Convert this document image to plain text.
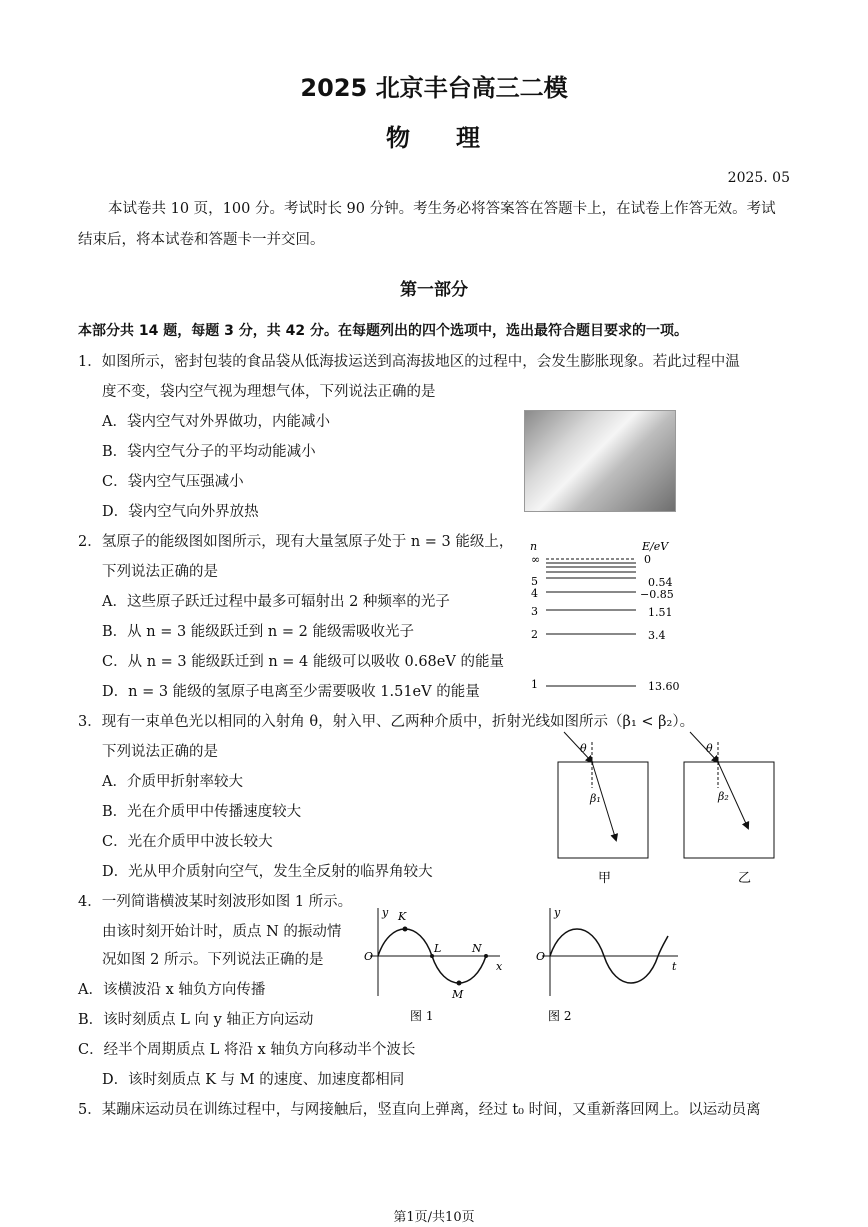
2025 北京丰台高三二模
物 理
2025. 05
本试卷共 10 页，100 分。考试时长 90 分钟。考生务必将答案答在答题卡上，在试卷上作答无效。考试结束后，将本试卷和答题卡一并交回。
第一部分
本部分共 14 题，每题 3 分，共 42 分。在每题列出的四个选项中，选出最符合题目要求的一项。
1．如图所示，密封包装的食品袋从低海拔运送到高海拔地区的过程中，会发生膨胀现象。若此过程中温
度不变，袋内空气视为理想气体，下列说法正确的是
A．袋内空气对外界做功，内能减小
B．袋内空气分子的平均动能减小
C．袋内空气压强减小
D．袋内空气向外界放热
2．氢原子的能级图如图所示，现有大量氢原子处于 n = 3 能级上，
下列说法正确的是
A．这些原子跃迁过程中最多可辐射出 2 种频率的光子
B．从 n = 3 能级跃迁到 n = 2 能级需吸收光子
C．从 n = 3 能级跃迁到 n = 4 能级可以吸收 0.68eV 的能量
D．n = 3 能级的氢原子电离至少需要吸收 1.51eV 的能量
n	E/eV
∞	0
5	0.54
4	−0.85
3	1.51
2	3.4
1	13.60
3．现有一束单色光以相同的入射角 θ，射入甲、乙两种介质中，折射光线如图所示（β₁ < β₂）。
下列说法正确的是
A．介质甲折射率较大
B．光在介质甲中传播速度较大
C．光在介质甲中波长较大
D．光从甲介质射向空气，发生全反射的临界角较大
θ
β₁
甲
θ
β₂
乙
4．一列简谐横波某时刻波形如图 1 所示。
由该时刻开始计时，质点 N 的振动情
况如图 2 所示。下列说法正确的是
A．该横波沿 x 轴负方向传播
B．该时刻质点 L 向 y 轴正方向运动
C．经半个周期质点 L 将沿 x 轴负方向移动半个波长
D．该时刻质点 K 与 M 的速度、加速度都相同
y
x
O
K
L
M
N
图 1
y
t
O
图 2
5．某蹦床运动员在训练过程中，与网接触后，竖直向上弹离，经过 t₀ 时间，又重新落回网上。以运动员离
第1页/共10页
